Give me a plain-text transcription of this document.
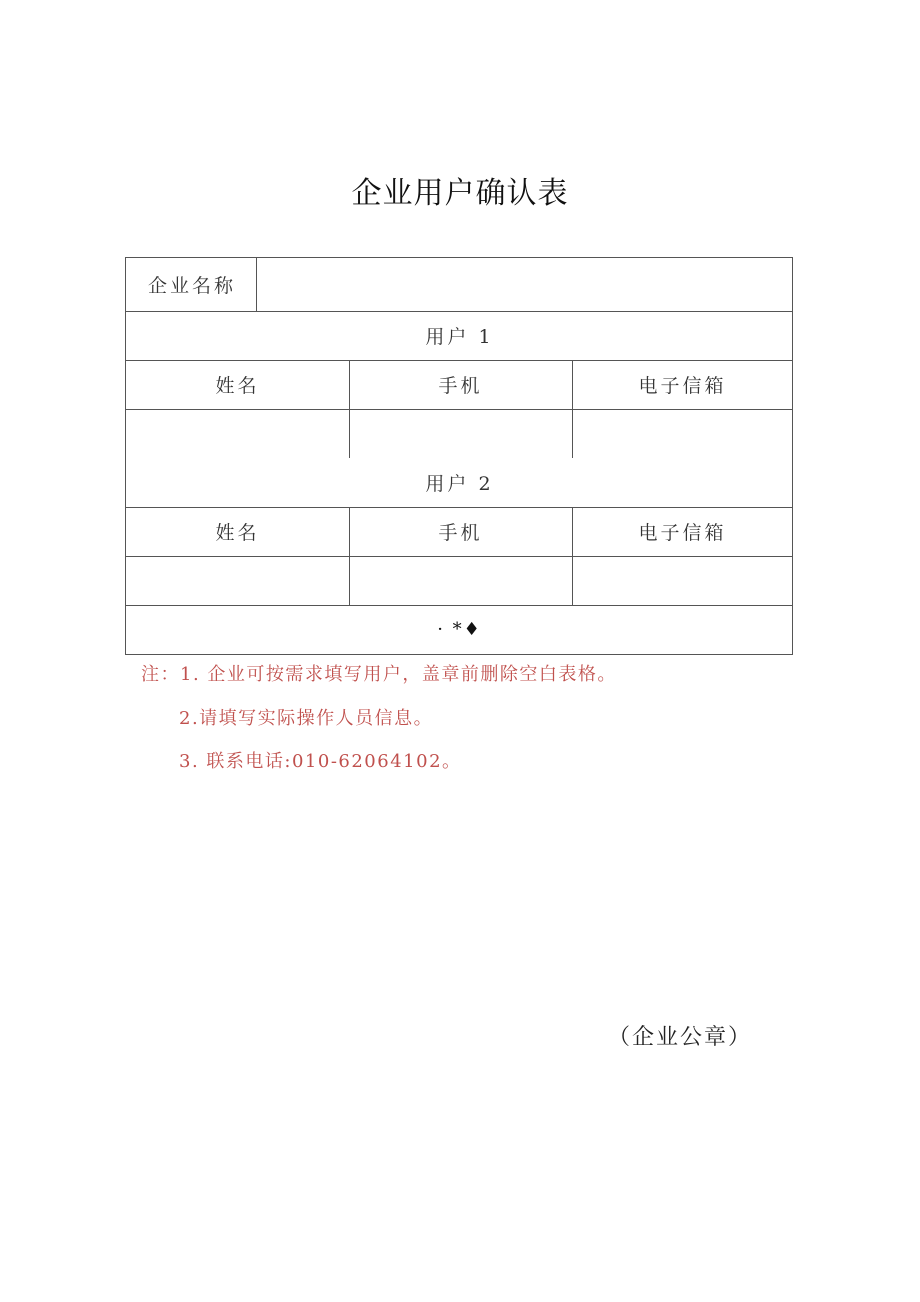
企业用户确认表
企业名称
用户 1
姓名	手机	电子信箱
用户 2
姓名	手机	电子信箱
· *♦
注：1. 企业可按需求填写用户，盖章前删除空白表格。
2.请填写实际操作人员信息。
3. 联系电话:010-62064102。
（企业公章）
